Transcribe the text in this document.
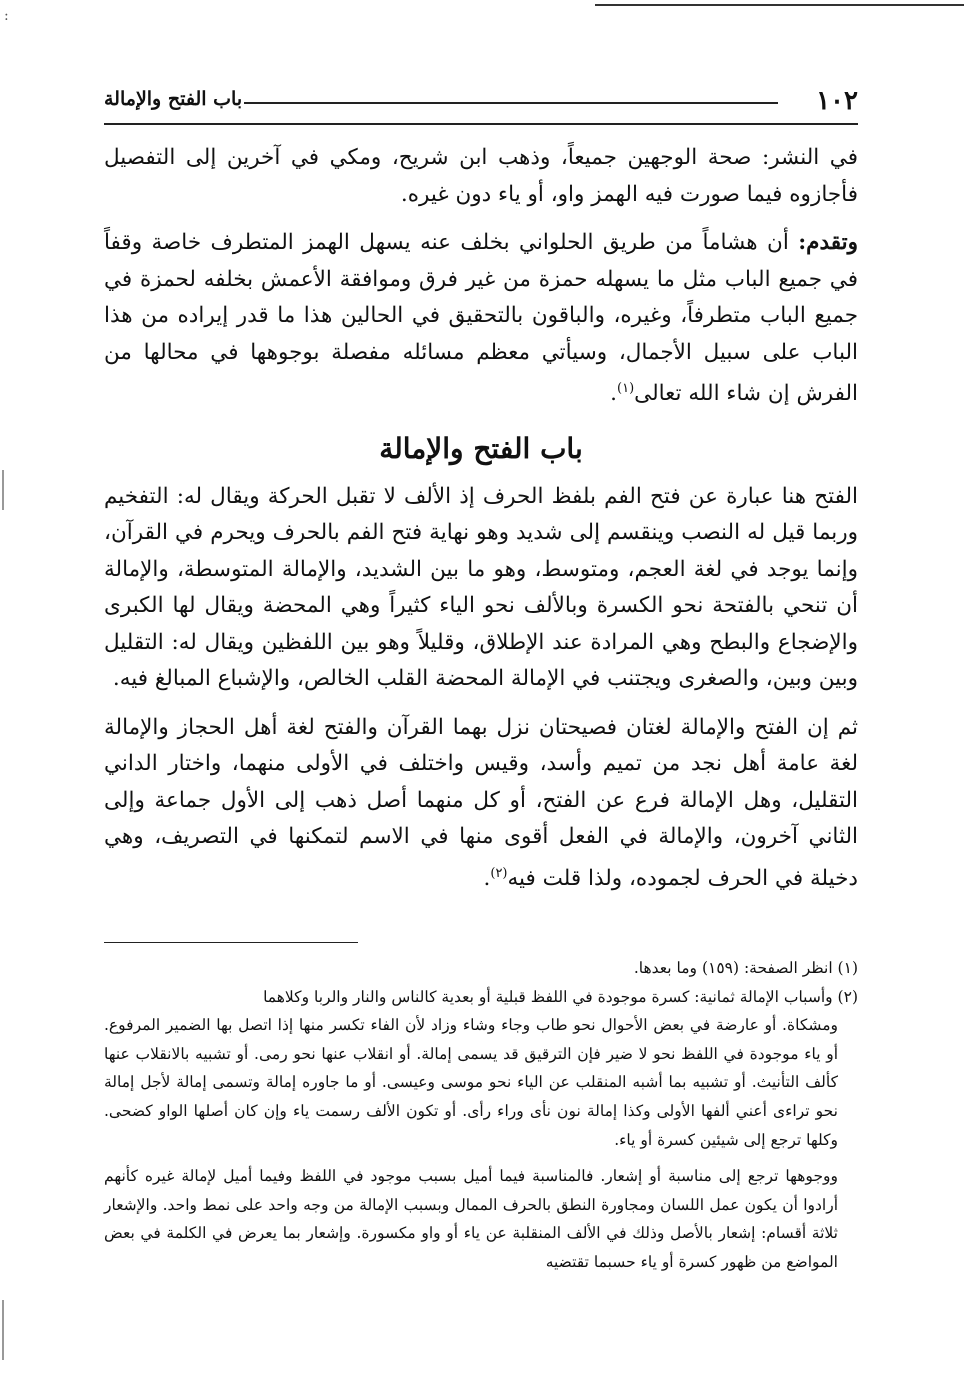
:
١٠٢
باب الفتح والإمالة

في النشر: صحة الوجهين جميعاً، وذهب ابن شريح، ومكي في آخرين إلى التفصيل فأجازوه فيما صورت فيه الهمز واو، أو ياء دون غيره.

وتقدم: أن هشاماً من طريق الحلواني بخلف عنه يسهل الهمز المتطرف خاصة وقفاً في جميع الباب مثل ما يسهله حمزة من غير فرق وموافقة الأعمش بخلفه لحمزة في جميع الباب متطرفاً، وغيره، والباقون بالتحقيق في الحالين هذا ما قدر إيراده من هذا الباب على سبيل الأجمال، وسيأتي معظم مسائله مفصلة بوجوهها في محالها من الفرش إن شاء الله تعالى$^{(١)}$.

باب الفتح والإمالة

الفتح هنا عبارة عن فتح الفم بلفظ الحرف إذ الألف لا تقبل الحركة ويقال له: التفخيم وربما قيل له النصب وينقسم إلى شديد وهو نهاية فتح الفم بالحرف ويحرم في القرآن، وإنما يوجد في لغة العجم، ومتوسط، وهو ما بين الشديد، والإمالة المتوسطة، والإمالة أن تنحي بالفتحة نحو الكسرة وبالألف نحو الياء كثيراً وهي المحضة ويقال لها الكبرى والإضجاع والبطح وهي المرادة عند الإطلاق، وقليلاً وهو بين اللفظين ويقال له: التقليل وبين وبين، والصغرى ويجتنب في الإمالة المحضة القلب الخالص، والإشباع المبالغ فيه.

ثم إن الفتح والإمالة لغتان فصيحتان نزل بهما القرآن والفتح لغة أهل الحجاز والإمالة لغة عامة أهل نجد من تميم وأسد، وقيس واختلف في الأولى منهما، واختار الداني التقليل، وهل الإمالة فرع عن الفتح، أو كل منهما أصل ذهب إلى الأول جماعة وإلى الثاني آخرون، والإمالة في الفعل أقوى منها في الاسم لتمكنها في التصريف، وهي دخيلة في الحرف لجموده، ولذا قلت فيه$^{(٢)}$.

(١) انظر الصفحة: (١٥٩) وما بعدها.

(٢) وأسباب الإمالة ثمانية: كسرة موجودة في اللفظ قبلية أو بعدية كالناس والنار والربا وكلاهما

ومشكاة. أو عارضة في بعض الأحوال نحو طاب وجاء وشاء وزاد لأن الفاء تكسر منها إذا اتصل بها الضمير المرفوع. أو ياء موجودة في اللفظ نحو لا ضير فإن الترقيق قد يسمى إمالة. أو انقلاب عنها نحو رمى. أو تشبيه بالانقلاب عنها كألف التأنيث. أو تشبيه بما أشبه المنقلب عن الياء نحو موسى وعيسى. أو ما جاوره إمالة وتسمى إمالة لأجل إمالة نحو تراءى أعني ألفها الأولى وكذا إمالة نون نأى وراء رأى. أو تكون الألف رسمت ياء وإن كان أصلها الواو كضحى. وكلها ترجع إلى شيئين كسرة أو ياء.

ووجوهها ترجع إلى مناسبة أو إشعار. فالمناسبة فيما أميل بسبب موجود في اللفظ وفيما أميل لإمالة غيره كأنهم أرادوا أن يكون عمل اللسان ومجاورة النطق بالحرف الممال وبسبب الإمالة من وجه واحد على نمط واحد. والإشعار ثلاثة أقسام: إشعار بالأصل وذلك في الألف المنقلبة عن ياء أو واو مكسورة. وإشعار بما يعرض في الكلمة في بعض المواضع من ظهور كسرة أو ياء حسبما تقتضيه
